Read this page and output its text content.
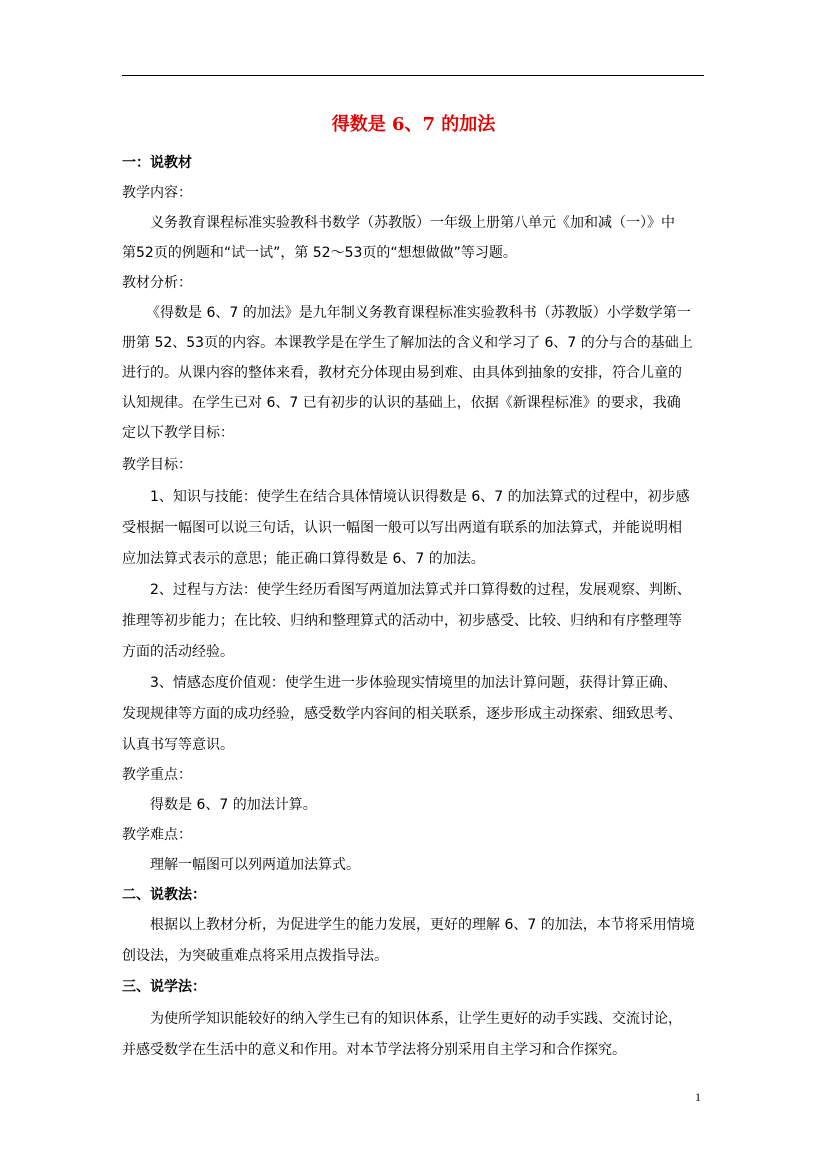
得数是 6、7 的加法
一：说教材
教学内容：
义务教育课程标准实验教科书数学（苏教版）一年级上册第八单元《加和减（一）》中
第52页的例题和“试一试”，第 52～53页的“想想做做”等习题。
教材分析：
《得数是 6、7 的加法》是九年制义务教育课程标准实验教科书（苏教版）小学数学第一
册第 52、53页的内容。本课教学是在学生了解加法的含义和学习了 6、7 的分与合的基础上
进行的。从课内容的整体来看，教材充分体现由易到难、由具体到抽象的安排，符合儿童的
认知规律。在学生已对 6、7 已有初步的认识的基础上，依据《新课程标准》的要求，我确
定以下教学目标：
教学目标：
1、知识与技能：使学生在结合具体情境认识得数是 6、7 的加法算式的过程中，初步感
受根据一幅图可以说三句话，认识一幅图一般可以写出两道有联系的加法算式，并能说明相
应加法算式表示的意思；能正确口算得数是 6、7 的加法。
2、过程与方法：使学生经历看图写两道加法算式并口算得数的过程，发展观察、判断、
推理等初步能力；在比较、归纳和整理算式的活动中，初步感受、比较、归纳和有序整理等
方面的活动经验。
3、情感态度价值观：使学生进一步体验现实情境里的加法计算问题，获得计算正确、
发现规律等方面的成功经验，感受数学内容间的相关联系，逐步形成主动探索、细致思考、
认真书写等意识。
教学重点：
得数是 6、7 的加法计算。
教学难点：
理解一幅图可以列两道加法算式。
二、说教法：
根据以上教材分析，为促进学生的能力发展，更好的理解 6、7 的加法，本节将采用情境
创设法，为突破重难点将采用点拨指导法。
三、说学法：
为使所学知识能较好的纳入学生已有的知识体系，让学生更好的动手实践、交流讨论，
并感受数学在生活中的意义和作用。对本节学法将分别采用自主学习和合作探究。
1
